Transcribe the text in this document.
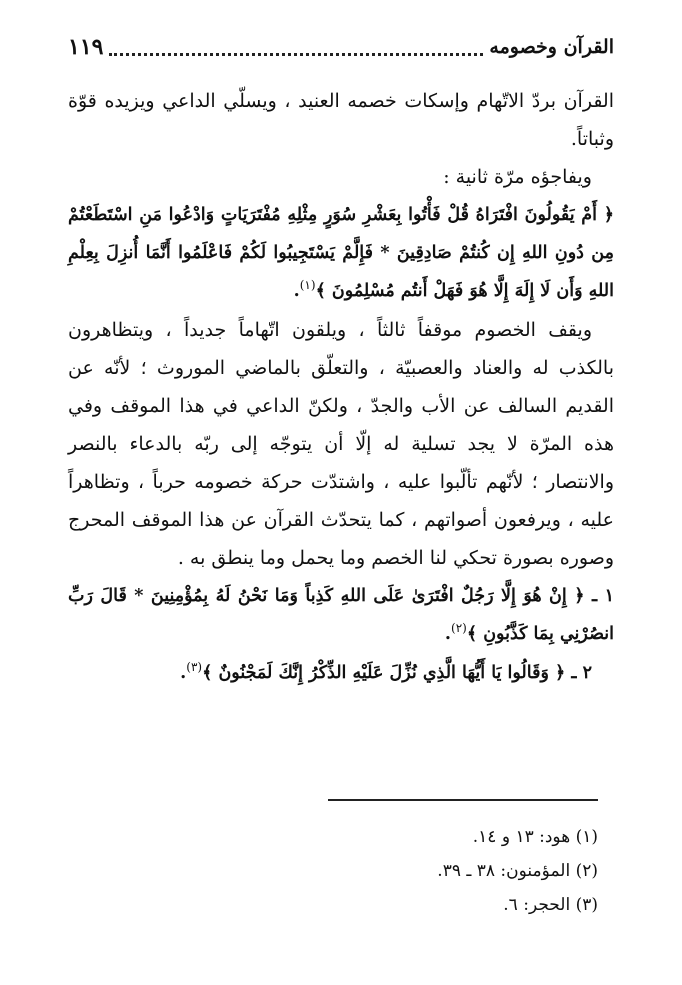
القرآن وخصومه
١١٩

القرآن بردّ الاتّهام وإسكات خصمه العنيد ، ويسلّي الداعي ويزيده قوّة وثباتاً.

ويفاجؤه مرّة ثانية :

﴿ أَمْ يَقُولُونَ افْتَرَاهُ قُلْ فَأْتُوا بِعَشْرِ سُوَرٍ مِثْلِهِ مُفْتَرَيَاتٍ وَادْعُوا مَنِ اسْتَطَعْتُمْ مِن دُونِ اللهِ إِن كُنتُمْ صَادِقِينَ * فَإِلَّمْ يَسْتَجِيبُوا لَكُمْ فَاعْلَمُوا أَنَّمَا أُنزِلَ بِعِلْمِ اللهِ وَأَن لَا إِلَهَ إِلَّا هُوَ فَهَلْ أَنتُم مُسْلِمُونَ ﴾$^{(١)}$.

ويقف الخصوم موقفاً ثالثاً ، ويلقون اتّهاماً جديداً ، ويتظاهرون بالكذب له والعناد والعصبيّة ، والتعلّق بالماضي الموروث ؛ لأنّه عن القديم السالف عن الأب والجدّ ، ولكنّ الداعي في هذا الموقف وفي هذه المرّة لا يجد تسلية له إلّا أن يتوجّه إلى ربّه بالدعاء بالنصر والانتصار ؛ لأنّهم تألّبوا عليه ، واشتدّت حركة خصومه حرباً ، وتظاهراً عليه ، ويرفعون أصواتهم ، كما يتحدّث القرآن عن هذا الموقف المحرج وصوره بصورة تحكي لنا الخصم وما يحمل وما ينطق به .

١ ـ ﴿ إِنْ هُوَ إِلَّا رَجُلٌ افْتَرَىٰ عَلَى اللهِ كَذِباً وَمَا نَحْنُ لَهُ بِمُؤْمِنِينَ * قَالَ رَبِّ انصُرْنِي بِمَا كَذَّبُونِ ﴾$^{(٢)}$.

٢ ـ ﴿ وَقَالُوا يَا أَيُّهَا الَّذِي نُزِّلَ عَلَيْهِ الذِّكْرُ إِنَّكَ لَمَجْنُونٌ ﴾$^{(٣)}$.

(١) هود: ١٣ و ١٤.

(٢) المؤمنون: ٣٨ ـ ٣٩.

(٣) الحجر: ٦.
